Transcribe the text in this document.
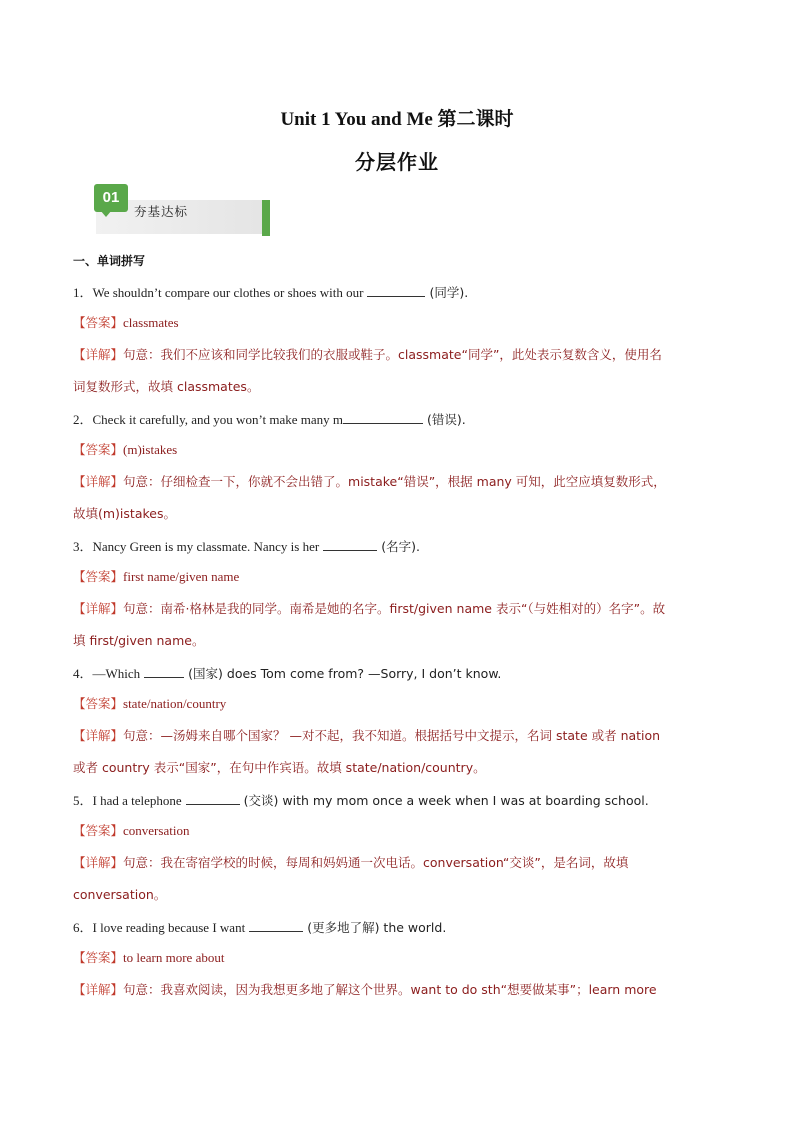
Unit 1 You and Me 第二课时
分层作业
01
夯基达标
一、单词拼写
1．We shouldn’t compare our clothes or shoes with our	(同学).
【答案】classmates
【详解】句意：我们不应该和同学比较我们的衣服或鞋子。classmate“同学”，此处表示复数含义，使用名
词复数形式，故填 classmates。
2．Check it carefully, and you won’t make many m	(错误).
【答案】(m)istakes
【详解】句意：仔细检查一下，你就不会出错了。mistake“错误”，根据 many 可知，此空应填复数形式，
故填(m)istakes。
3．Nancy Green is my classmate. Nancy is her	(名字).
【答案】first name/given name
【详解】句意：南希·格林是我的同学。南希是她的名字。first/given name 表示“（与姓相对的）名字”。故
填 first/given name。
4．—Which	(国家) does Tom come from? —Sorry, I don’t know.
【答案】state/nation/country
【详解】句意：—汤姆来自哪个国家？ —对不起，我不知道。根据括号中文提示，名词 state 或者 nation
或者 country 表示“国家”，在句中作宾语。故填 state/nation/country。
5．I had a telephone	(交谈) with my mom once a week when I was at boarding school.
【答案】conversation
【详解】句意：我在寄宿学校的时候，每周和妈妈通一次电话。conversation“交谈”，是名词，故填
conversation。
6．I love reading because I want	(更多地了解) the world.
【答案】to learn more about
【详解】句意：我喜欢阅读，因为我想更多地了解这个世界。want to do sth“想要做某事”；learn more
